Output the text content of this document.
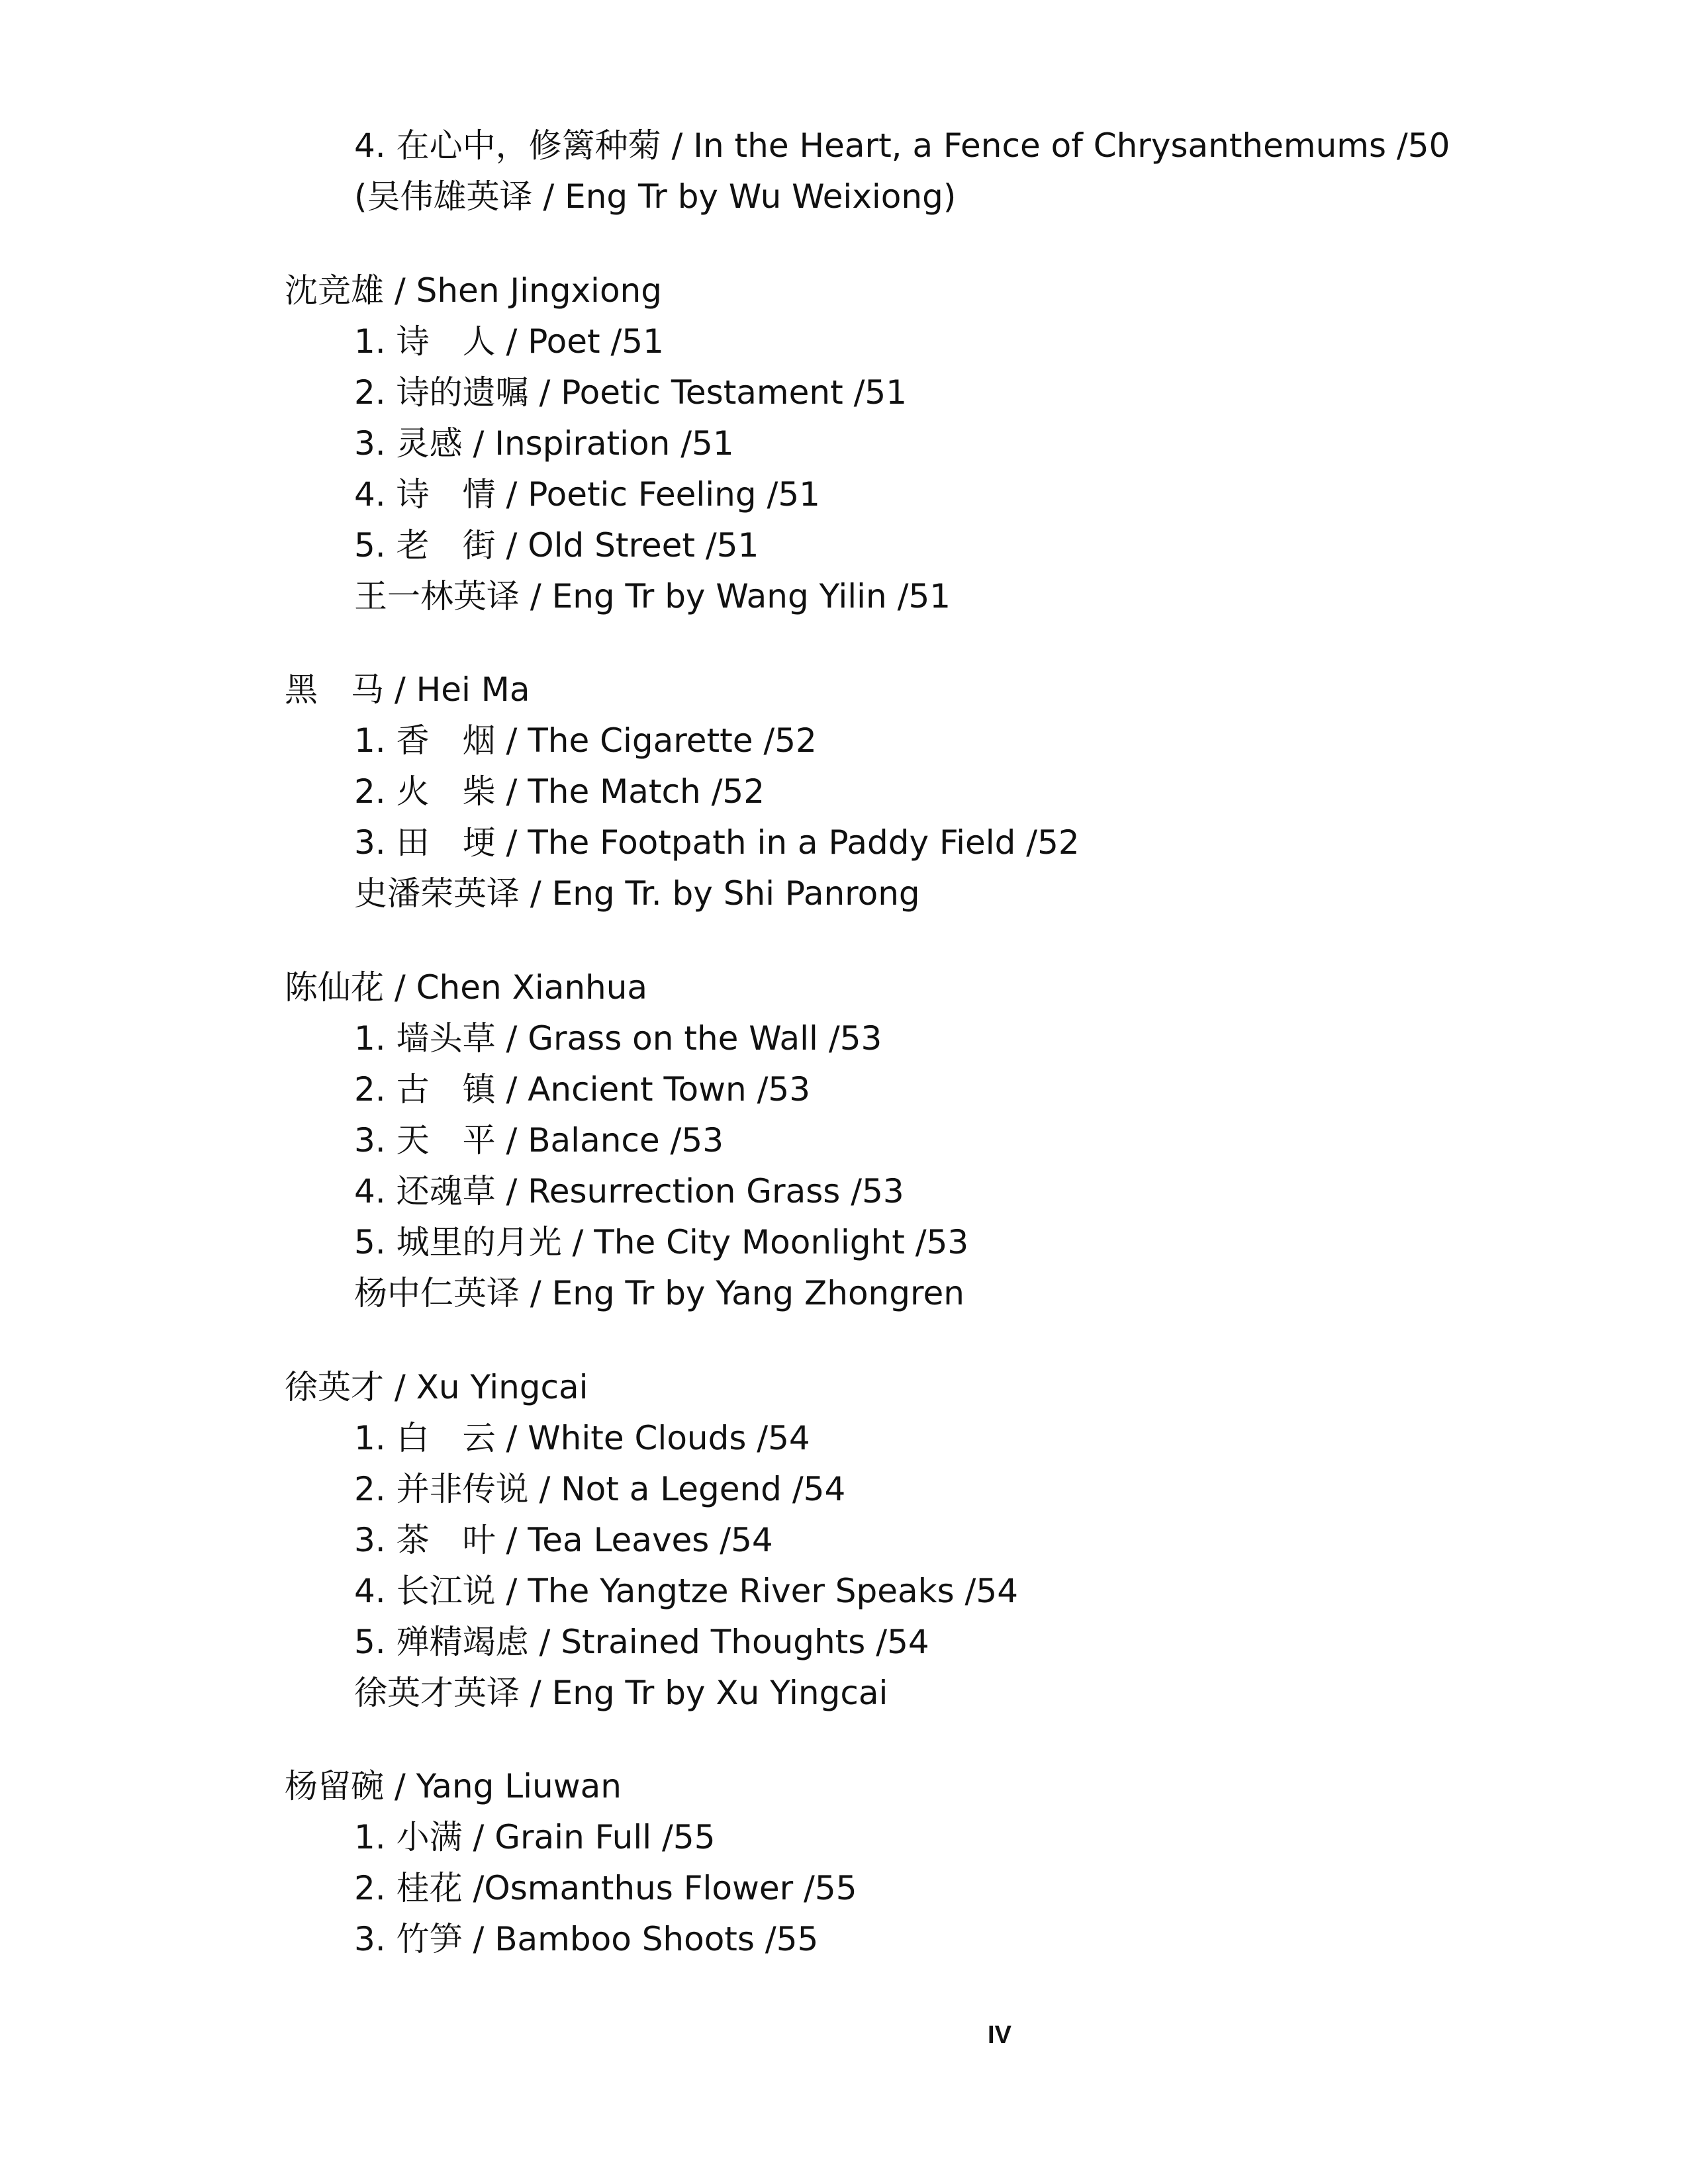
4. 在心中，修篱种菊 / In the Heart, a Fence of Chrysanthemums /50
(吴伟雄英译 / Eng Tr by Wu Weixiong)
沈竞雄 / Shen Jingxiong
1. 诗　人 / Poet /51
2. 诗的遗嘱 / Poetic Testament /51
3. 灵感 / Inspiration /51
4. 诗　情 / Poetic Feeling /51
5. 老　街 / Old Street /51
王一林英译 / Eng Tr by Wang Yilin /51
黑　马 / Hei Ma
1. 香　烟 / The Cigarette /52
2. 火　柴 / The Match /52
3. 田　埂 / The Footpath in a Paddy Field /52
史潘荣英译 / Eng Tr. by Shi Panrong
陈仙花 / Chen Xianhua
1. 墙头草 / Grass on the Wall /53
2. 古　镇 / Ancient Town /53
3. 天　平 / Balance /53
4. 还魂草 / Resurrection Grass /53
5. 城里的月光 / The City Moonlight /53
杨中仁英译 / Eng Tr by Yang Zhongren
徐英才 / Xu Yingcai
1. 白　云 / White Clouds /54
2. 并非传说 / Not a Legend /54
3. 茶　叶 / Tea Leaves /54
4. 长江说 / The Yangtze River Speaks /54
5. 殚精竭虑 / Strained Thoughts /54
徐英才英译 / Eng Tr by Xu Yingcai
杨留碗 / Yang Liuwan
1. 小满 / Grain Full /55
2. 桂花 /Osmanthus Flower /55
3. 竹笋 / Bamboo Shoots /55
IV
